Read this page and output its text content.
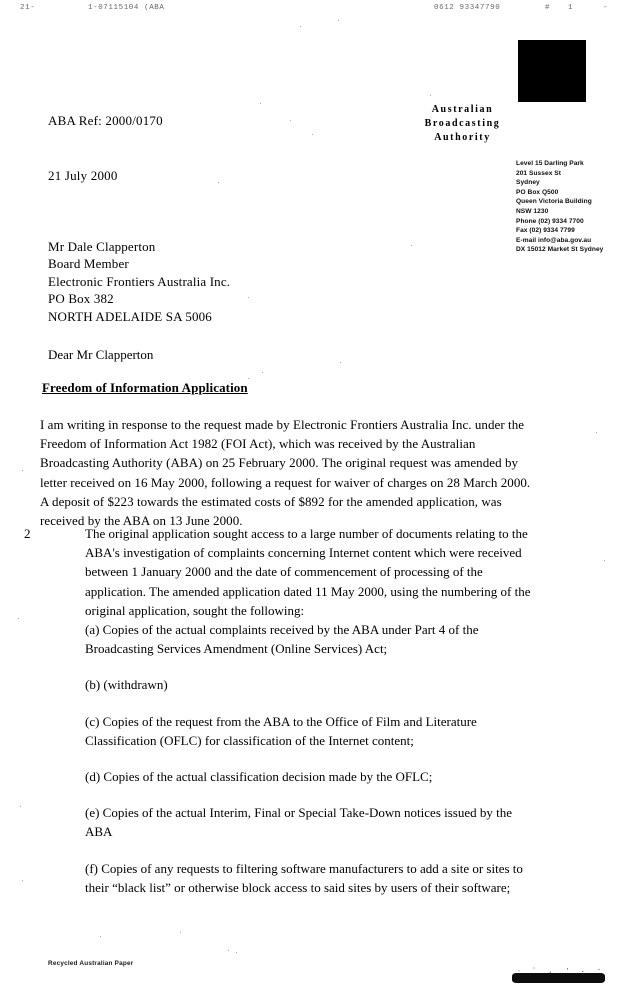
21-	1-07115104 (ABA	0612 93347790	# 1	-
Australian
Broadcasting
Authority
Level 15 Darling Park
201 Sussex St
Sydney
PO Box Q500
Queen Victoria Building
NSW 1230
Phone (02) 9334 7700
Fax (02) 9334 7799
E-mail info@aba.gov.au
DX 15012 Market St Sydney
ABA Ref: 2000/0170
21 July 2000
Mr Dale Clapperton
Board Member
Electronic Frontiers Australia Inc.
PO Box 382
NORTH ADELAIDE SA 5006
Dear Mr Clapperton
Freedom of Information Application
I am writing in response to the request made by Electronic Frontiers Australia Inc. under the Freedom of Information Act 1982 (FOI Act), which was received by the Australian Broadcasting Authority (ABA) on 25 February 2000. The original request was amended by letter received on 16 May 2000, following a request for waiver of charges on 28 March 2000. A deposit of $223 towards the estimated costs of $892 for the amended application, was received by the ABA on 13 June 2000.
2	The original application sought access to a large number of documents relating to the ABA's investigation of complaints concerning Internet content which were received between 1 January 2000 and the date of commencement of processing of the application. The amended application dated 11 May 2000, using the numbering of the original application, sought the following:
(a) Copies of the actual complaints received by the ABA under Part 4 of the Broadcasting Services Amendment (Online Services) Act;
(b) (withdrawn)
(c) Copies of the request from the ABA to the Office of Film and Literature Classification (OFLC) for classification of the Internet content;
(d) Copies of the actual classification decision made by the OFLC;
(e) Copies of the actual Interim, Final or Special Take-Down notices issued by the ABA
(f) Copies of any requests to filtering software manufacturers to add a site or sites to their “black list” or otherwise block access to said sites by users of their software;
Recycled Australian Paper
